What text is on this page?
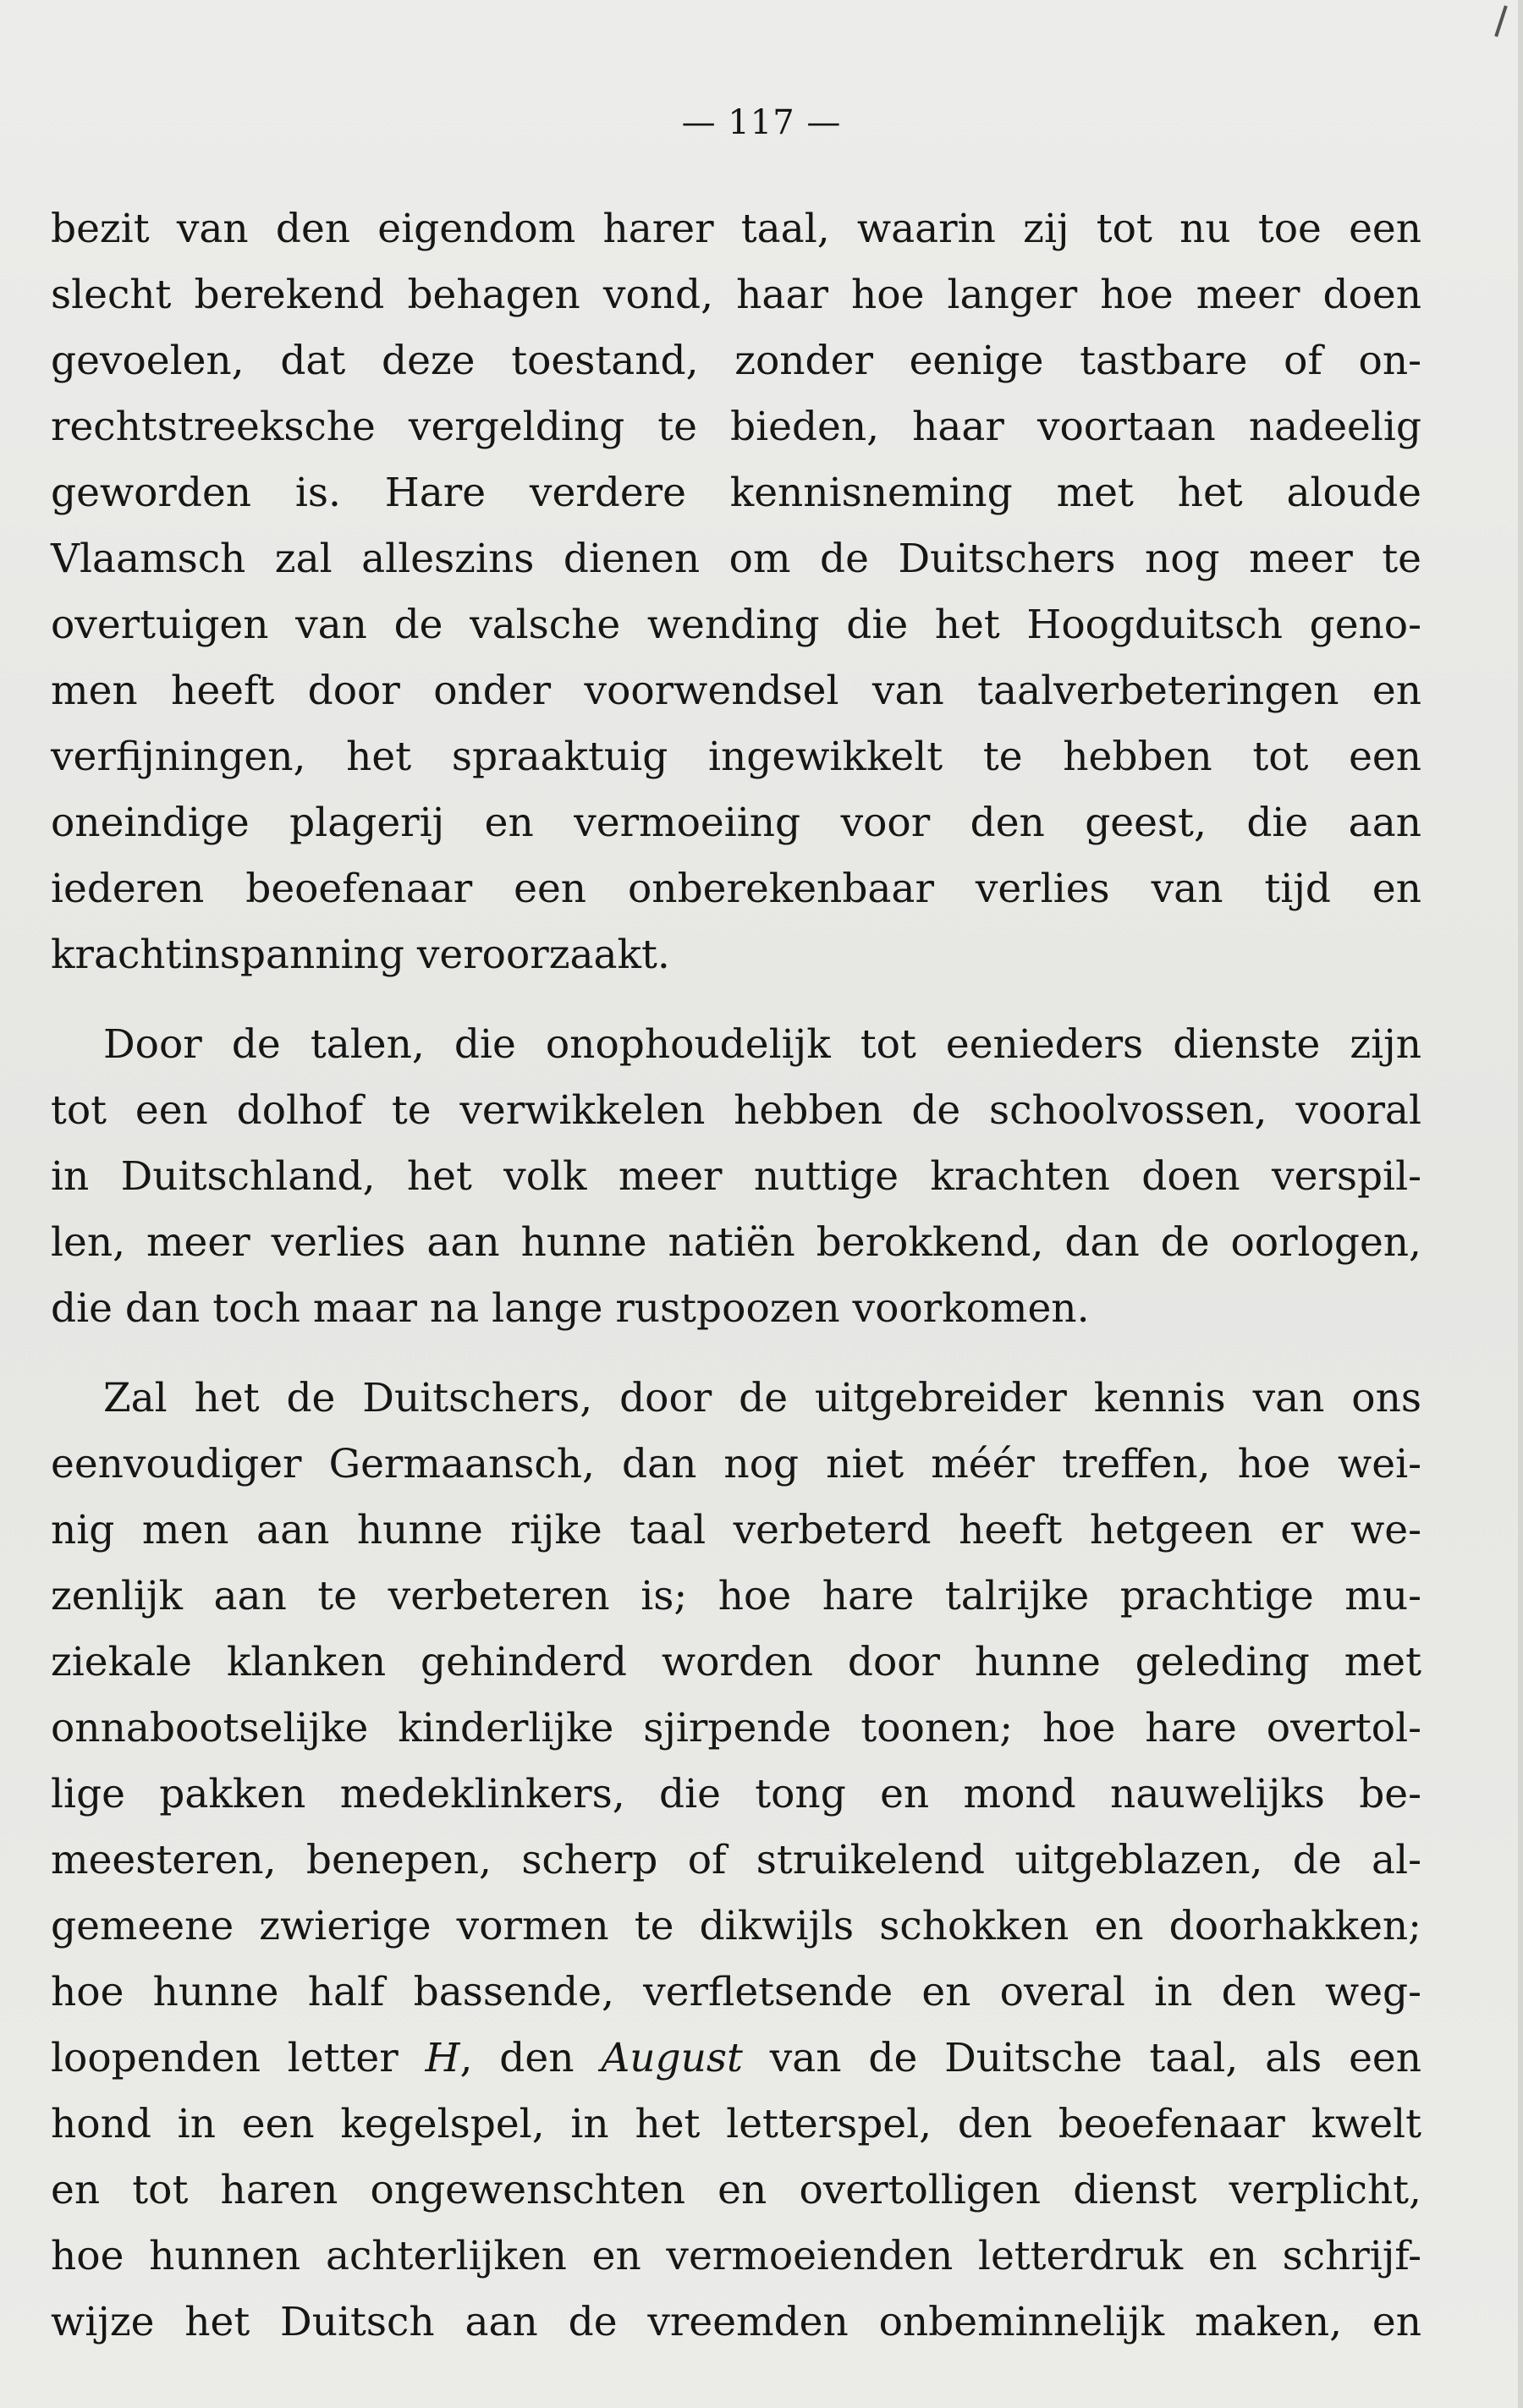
— 117 —
bezit van den eigendom harer taal, waarin zij tot nu toe een
slecht berekend behagen vond, haar hoe langer hoe meer doen
gevoelen, dat deze toestand, zonder eenige tastbare of on-
rechtstreeksche vergelding te bieden, haar voortaan nadeelig
geworden is. Hare verdere kennisneming met het aloude
Vlaamsch zal alleszins dienen om de Duitschers nog meer te
overtuigen van de valsche wending die het Hoogduitsch geno-
men heeft door onder voorwendsel van taalverbeteringen en
verfijningen, het spraaktuig ingewikkelt te hebben tot een
oneindige plagerij en vermoeiing voor den geest, die aan
iederen beoefenaar een onberekenbaar verlies van tijd en
krachtinspanning veroorzaakt.
Door de talen, die onophoudelijk tot eenieders dienste zijn
tot een dolhof te verwikkelen hebben de schoolvossen, vooral
in Duitschland, het volk meer nuttige krachten doen verspil-
len, meer verlies aan hunne natiën berokkend, dan de oorlogen,
die dan toch maar na lange rustpoozen voorkomen.
Zal het de Duitschers, door de uitgebreider kennis van ons
eenvoudiger Germaansch, dan nog niet méér treffen, hoe wei-
nig men aan hunne rijke taal verbeterd heeft hetgeen er we-
zenlijk aan te verbeteren is; hoe hare talrijke prachtige mu-
ziekale klanken gehinderd worden door hunne geleding met
onnabootselijke kinderlijke sjirpende toonen; hoe hare overtol-
lige pakken medeklinkers, die tong en mond nauwelijks be-
meesteren, benepen, scherp of struikelend uitgeblazen, de al-
gemeene zwierige vormen te dikwijls schokken en doorhakken;
hoe hunne half bassende, verfletsende en overal in den weg-
loopenden letter H, den August van de Duitsche taal, als een
hond in een kegelspel, in het letterspel, den beoefenaar kwelt
en tot haren ongewenschten en overtolligen dienst verplicht,
hoe hunnen achterlijken en vermoeienden letterdruk en schrijf-
wijze het Duitsch aan de vreemden onbeminnelijk maken, en
